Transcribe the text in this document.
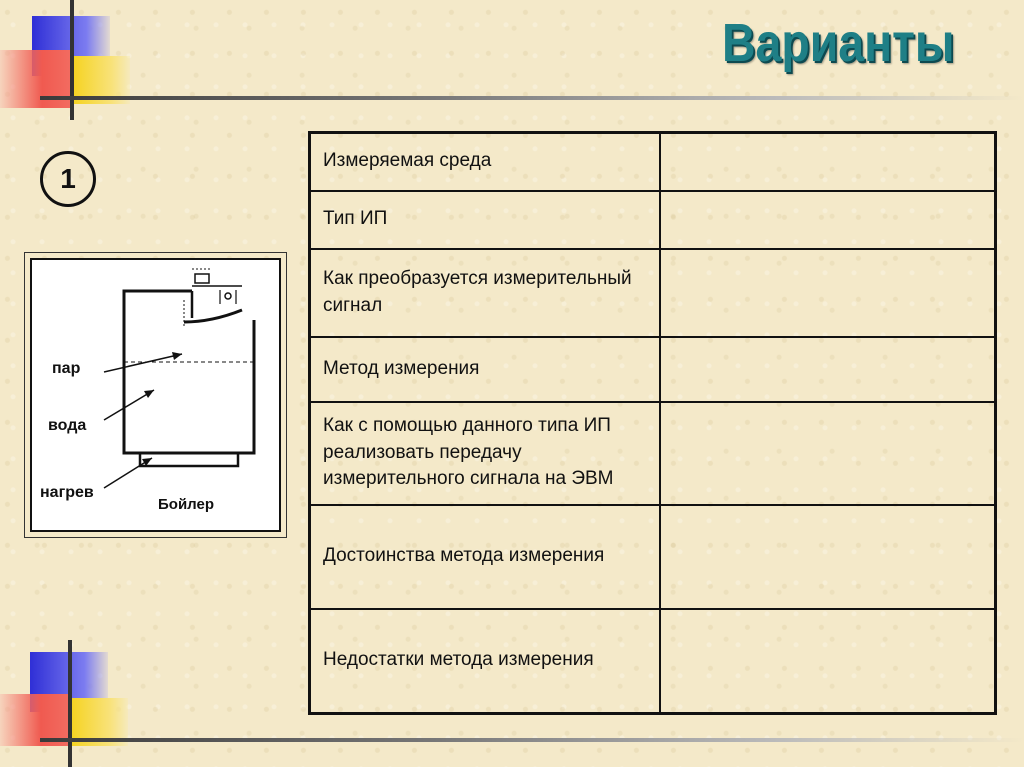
Варианты
1
пар
вода
нагрев
Бойлер
Измеряемая среда	
Тип ИП	
Как преобразуется измерительный сигнал	
Метод измерения	
Как с помощью данного типа ИП реализовать передачу измерительного сигнала на ЭВМ	
Достоинства метода измерения	
Недостатки метода измерения	
